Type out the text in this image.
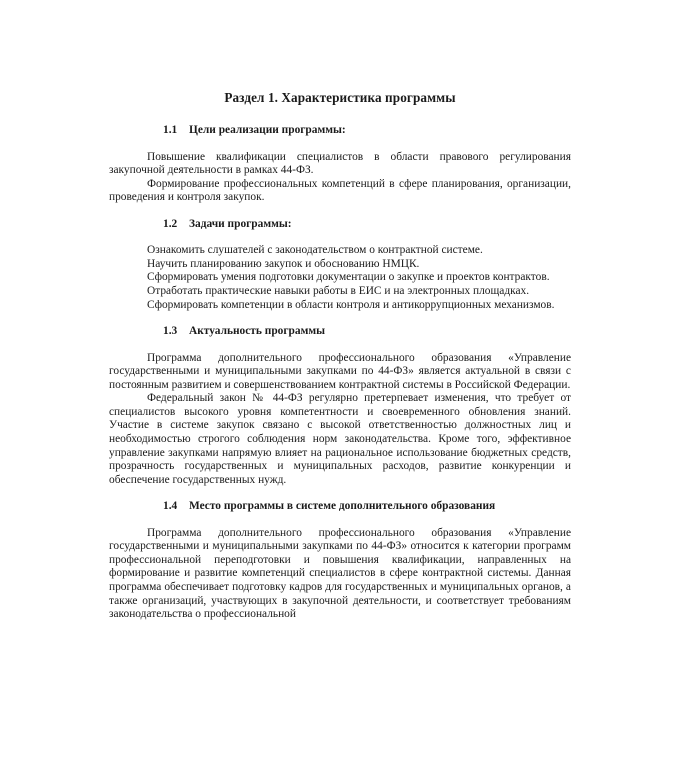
Раздел 1. Характеристика программы
1.1 Цели реализации программы:

Повышение квалификации специалистов в области правового регулирования закупочной деятельности в рамках 44-ФЗ.

Формирование профессиональных компетенций в сфере планирования, организации, проведения и контроля закупок.

1.2 Задачи программы:

Ознакомить слушателей с законодательством о контрактной системе.

Научить планированию закупок и обоснованию НМЦК.

Сформировать умения подготовки документации о закупке и проектов контрактов.

Отработать практические навыки работы в ЕИС и на электронных площадках.

Сформировать компетенции в области контроля и антикоррупционных механизмов.

1.3 Актуальность программы

Программа дополнительного профессионального образования «Управление государственными и муниципальными закупками по 44-ФЗ» является актуальной в связи с постоянным развитием и совершенствованием контрактной системы в Российской Федерации.

Федеральный закон № 44-ФЗ регулярно претерпевает изменения, что требует от специалистов высокого уровня компетентности и своевременного обновления знаний. Участие в системе закупок связано с высокой ответственностью должностных лиц и необходимостью строгого соблюдения норм законодательства. Кроме того, эффективное управление закупками напрямую влияет на рациональное использование бюджетных средств, прозрачность государственных и муниципальных расходов, развитие конкуренции и обеспечение государственных нужд.

1.4 Место программы в системе дополнительного образования

Программа дополнительного профессионального образования «Управление государственными и муниципальными закупками по 44-ФЗ» относится к категории программ профессиональной переподготовки и повышения квалификации, направленных на формирование и развитие компетенций специалистов в сфере контрактной системы. Данная программа обеспечивает подготовку кадров для государственных и муниципальных органов, а также организаций, участвующих в закупочной деятельности, и соответствует требованиям законодательства о профессиональной
